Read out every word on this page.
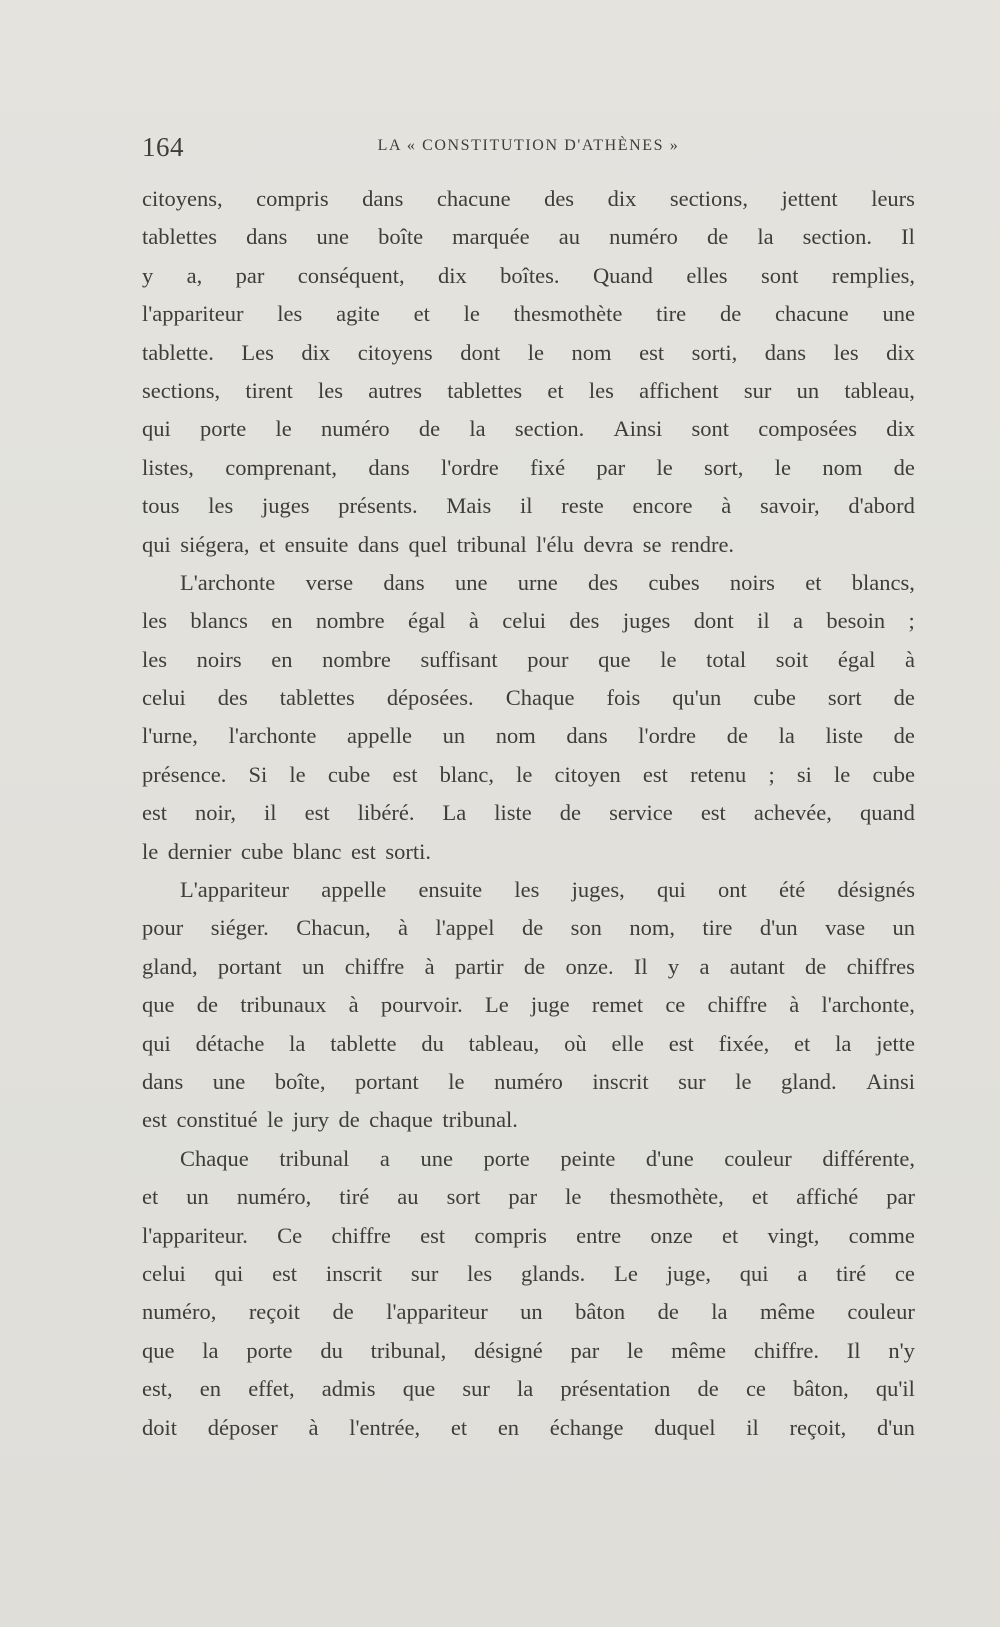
164	LA « CONSTITUTION D'ATHÈNES »
citoyens, compris dans chacune des dix sections, jettent leurs
tablettes dans une boîte marquée au numéro de la section. Il
y a, par conséquent, dix boîtes. Quand elles sont remplies,
l'appariteur les agite et le thesmothète tire de chacune une
tablette. Les dix citoyens dont le nom est sorti, dans les dix
sections, tirent les autres tablettes et les affichent sur un tableau,
qui porte le numéro de la section. Ainsi sont composées dix
listes, comprenant, dans l'ordre fixé par le sort, le nom de
tous les juges présents. Mais il reste encore à savoir, d'abord
qui siégera, et ensuite dans quel tribunal l'élu devra se rendre.
L'archonte verse dans une urne des cubes noirs et blancs,
les blancs en nombre égal à celui des juges dont il a besoin ;
les noirs en nombre suffisant pour que le total soit égal à
celui des tablettes déposées. Chaque fois qu'un cube sort de
l'urne, l'archonte appelle un nom dans l'ordre de la liste de
présence. Si le cube est blanc, le citoyen est retenu ; si le cube
est noir, il est libéré. La liste de service est achevée, quand
le dernier cube blanc est sorti.
L'appariteur appelle ensuite les juges, qui ont été désignés
pour siéger. Chacun, à l'appel de son nom, tire d'un vase un
gland, portant un chiffre à partir de onze. Il y a autant de chiffres
que de tribunaux à pourvoir. Le juge remet ce chiffre à l'archonte,
qui détache la tablette du tableau, où elle est fixée, et la jette
dans une boîte, portant le numéro inscrit sur le gland. Ainsi
est constitué le jury de chaque tribunal.
Chaque tribunal a une porte peinte d'une couleur différente,
et un numéro, tiré au sort par le thesmothète, et affiché par
l'appariteur. Ce chiffre est compris entre onze et vingt, comme
celui qui est inscrit sur les glands. Le juge, qui a tiré ce
numéro, reçoit de l'appariteur un bâton de la même couleur
que la porte du tribunal, désigné par le même chiffre. Il n'y
est, en effet, admis que sur la présentation de ce bâton, qu'il
doit déposer à l'entrée, et en échange duquel il reçoit, d'un
